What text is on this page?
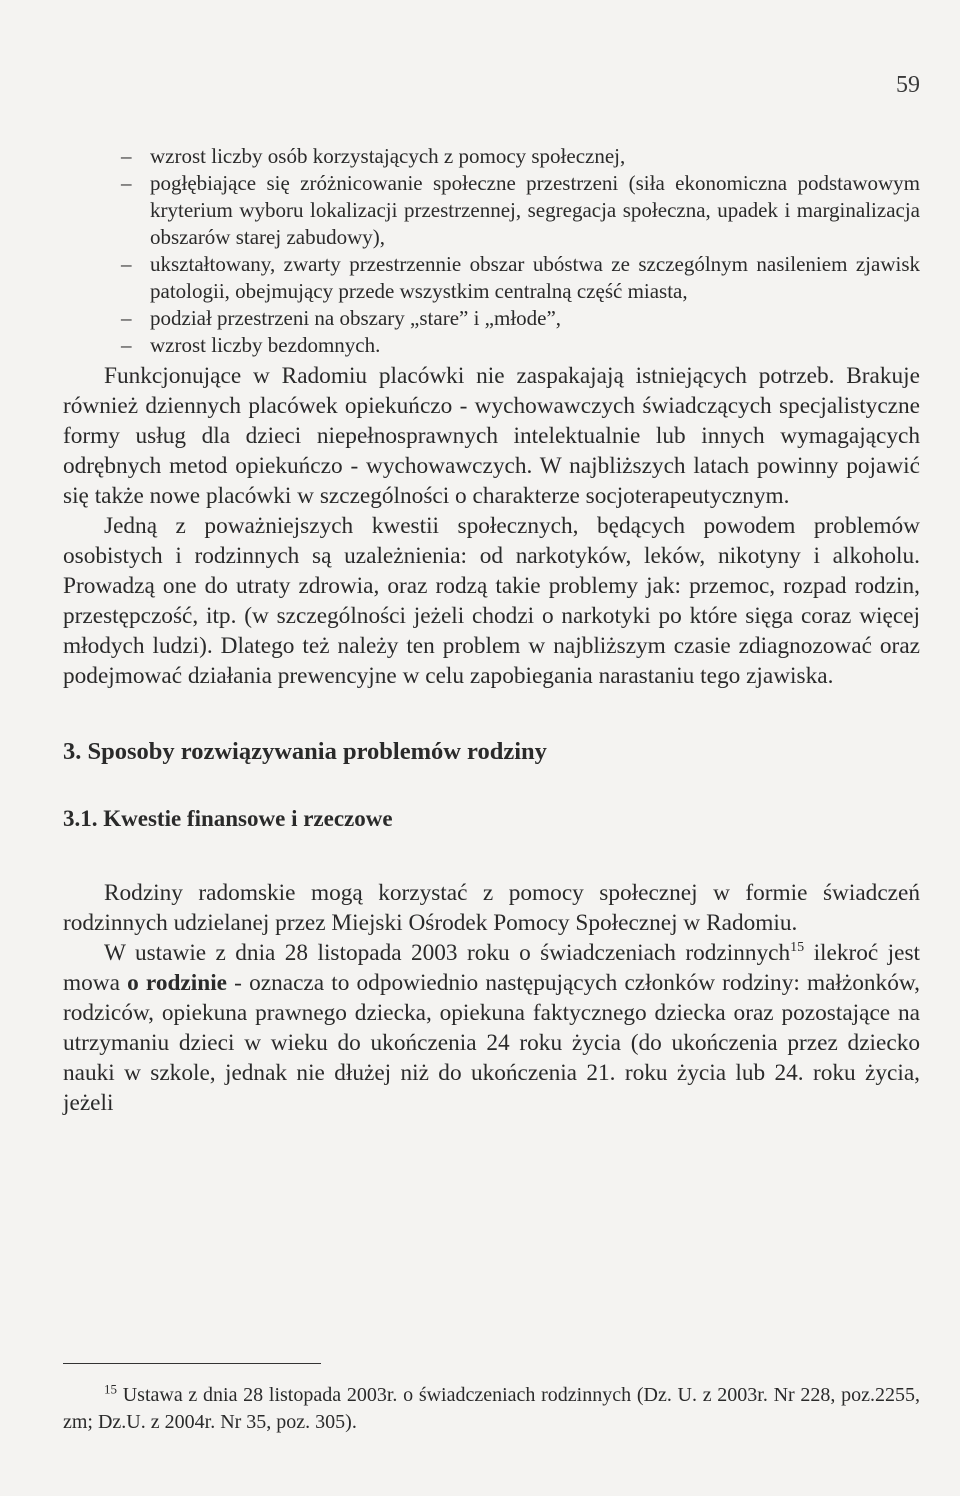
59
– wzrost liczby osób korzystających z pomocy społecznej,
– pogłębiające się zróżnicowanie społeczne przestrzeni (siła ekonomiczna podstawowym kryterium wyboru lokalizacji przestrzennej, segregacja społeczna, upadek i marginalizacja obszarów starej zabudowy),
– ukształtowany, zwarty przestrzennie obszar ubóstwa ze szczególnym nasileniem zjawisk patologii, obejmujący przede wszystkim centralną część miasta,
– podział przestrzeni na obszary „stare” i „młode”,
– wzrost liczby bezdomnych.

Funkcjonujące w Radomiu placówki nie zaspakajają istniejących potrzeb. Brakuje również dziennych placówek opiekuńczo - wychowawczych świadczących specjalistyczne formy usług dla dzieci niepełnosprawnych intelektualnie lub innych wymagających odrębnych metod opiekuńczo - wychowawczych. W najbliższych latach powinny pojawić się także nowe placówki w szczególności o charakterze socjoterapeutycznym.

Jedną z poważniejszych kwestii społecznych, będących powodem problemów osobistych i rodzinnych są uzależnienia: od narkotyków, leków, nikotyny i alkoholu. Prowadzą one do utraty zdrowia, oraz rodzą takie problemy jak: przemoc, rozpad rodzin, przestępczość, itp. (w szczególności jeżeli chodzi o narkotyki po które sięga coraz więcej młodych ludzi). Dlatego też należy ten problem w najbliższym czasie zdiagnozować oraz podejmować działania prewencyjne w celu zapobiegania narastaniu tego zjawiska.

3. Sposoby rozwiązywania problemów rodziny
3.1. Kwestie finansowe i rzeczowe

Rodziny radomskie mogą korzystać z pomocy społecznej w formie świadczeń rodzinnych udzielanej przez Miejski Ośrodek Pomocy Społecznej w Radomiu.

W ustawie z dnia 28 listopada 2003 roku o świadczeniach rodzinnych$^{15}$ ilekroć jest mowa o rodzinie - oznacza to odpowiednio następujących członków rodziny: małżonków, rodziców, opiekuna prawnego dziecka, opiekuna faktycznego dziecka oraz pozostające na utrzymaniu dzieci w wieku do ukończenia 24 roku życia (do ukończenia przez dziecko nauki w szkole, jednak nie dłużej niż do ukończenia 21. roku życia lub 24. roku życia, jeżeli

$^{15}$ Ustawa z dnia 28 listopada 2003r. o świadczeniach rodzinnych (Dz. U. z 2003r. Nr 228, poz.2255, zm; Dz.U. z 2004r. Nr 35, poz. 305).
